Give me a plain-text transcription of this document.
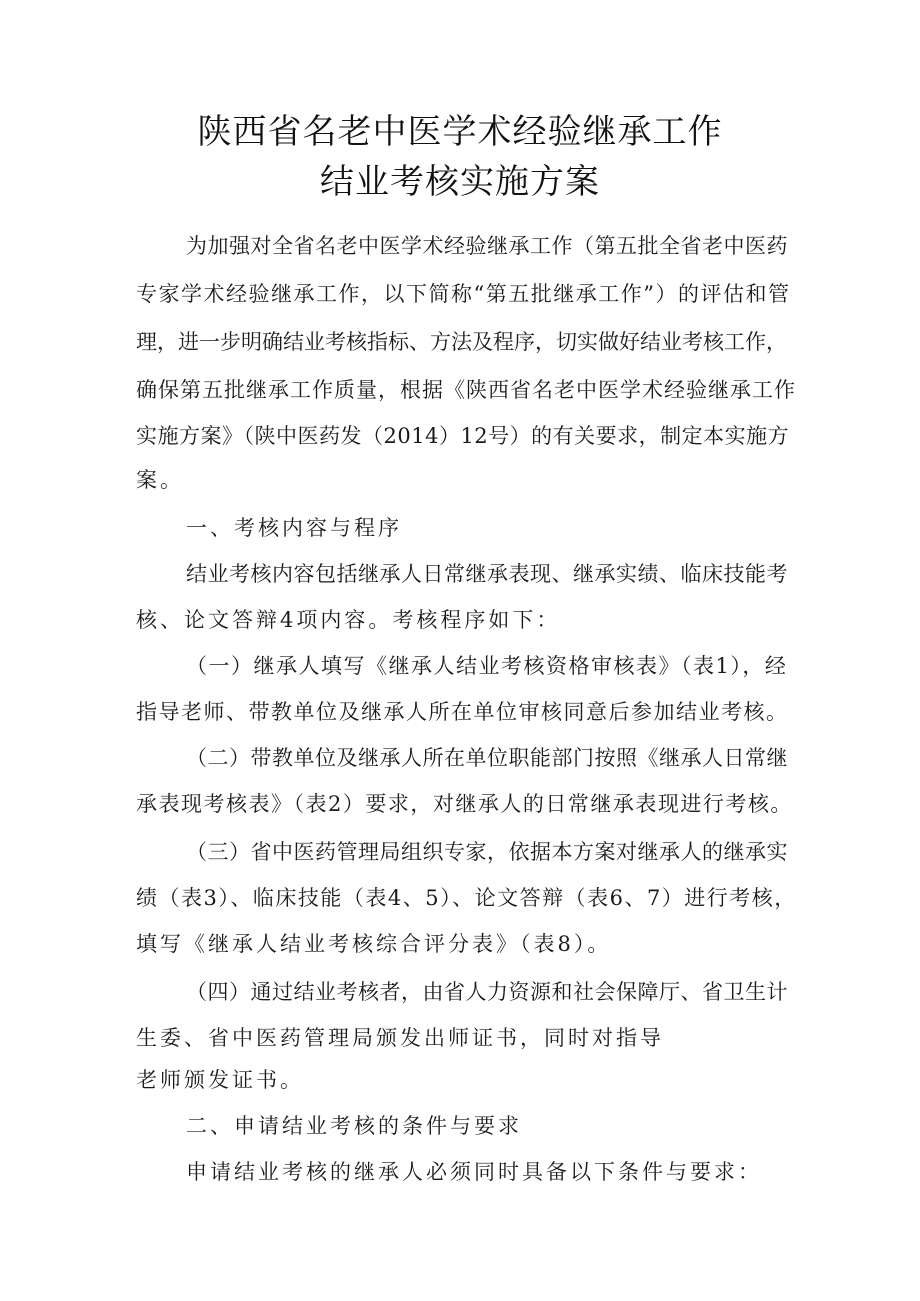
陕西省名老中医学术经验继承工作
结业考核实施方案
为加强对全省名老中医学术经验继承工作（第五批全省老中医药
专家学术经验继承工作，以下简称“第五批继承工作”）的评估和管
理，进一步明确结业考核指标、方法及程序，切实做好结业考核工作，
确保第五批继承工作质量，根据《陕西省名老中医学术经验继承工作
实施方案》（陕中医药发（2014）12号）的有关要求，制定本实施方
案。
一、考核内容与程序
结业考核内容包括继承人日常继承表现、继承实绩、临床技能考
核、论文答辩4项内容。考核程序如下：
（一）继承人填写《继承人结业考核资格审核表》（表1），经
指导老师、带教单位及继承人所在单位审核同意后参加结业考核。
（二）带教单位及继承人所在单位职能部门按照《继承人日常继
承表现考核表》（表2）要求，对继承人的日常继承表现进行考核。
（三）省中医药管理局组织专家，依据本方案对继承人的继承实
绩（表3）、临床技能（表4、5）、论文答辩（表6、7）进行考核，
填写《继承人结业考核综合评分表》（表8）。
（四）通过结业考核者，由省人力资源和社会保障厅、省卫生计
生委、省中医药管理局颁发出师证书，同时对指导
老师颁发证书。
二、申请结业考核的条件与要求
申请结业考核的继承人必须同时具备以下条件与要求：
